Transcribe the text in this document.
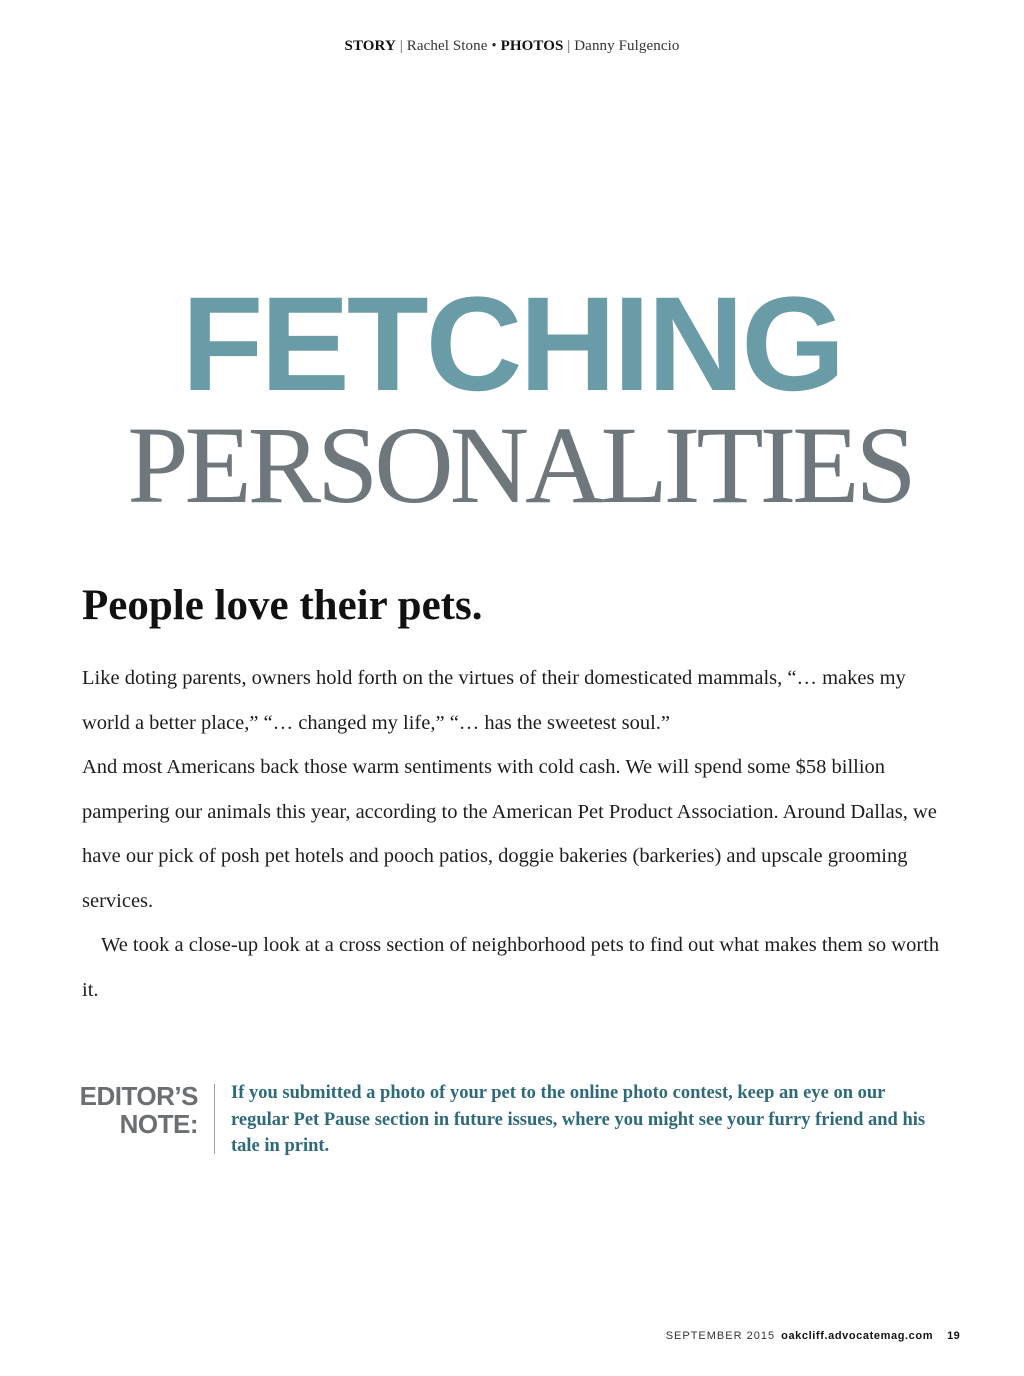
STORY | Rachel Stone • PHOTOS | Danny Fulgencio
FETCHING
PERSONALITIES
People love their pets.

Like doting parents, owners hold forth on the virtues of their domesticated mammals, “… makes my world a better place,” “… changed my life,” “… has the sweetest soul.”

And most Americans back those warm sentiments with cold cash. We will spend some $58 billion pampering our animals this year, according to the American Pet Product Association. Around Dallas, we have our pick of posh pet hotels and pooch patios, doggie bakeries (barkeries) and upscale grooming services.

We took a close-up look at a cross section of neighborhood pets to find out what makes them so worth it.

EDITOR’S
NOTE:
If you submitted a photo of your pet to the online photo contest, keep an eye on our regular Pet Pause section in future issues, where you might see your furry friend and his tale in print.
SEPTEMBER 2015 oakcliff.advocatemag.com 19
